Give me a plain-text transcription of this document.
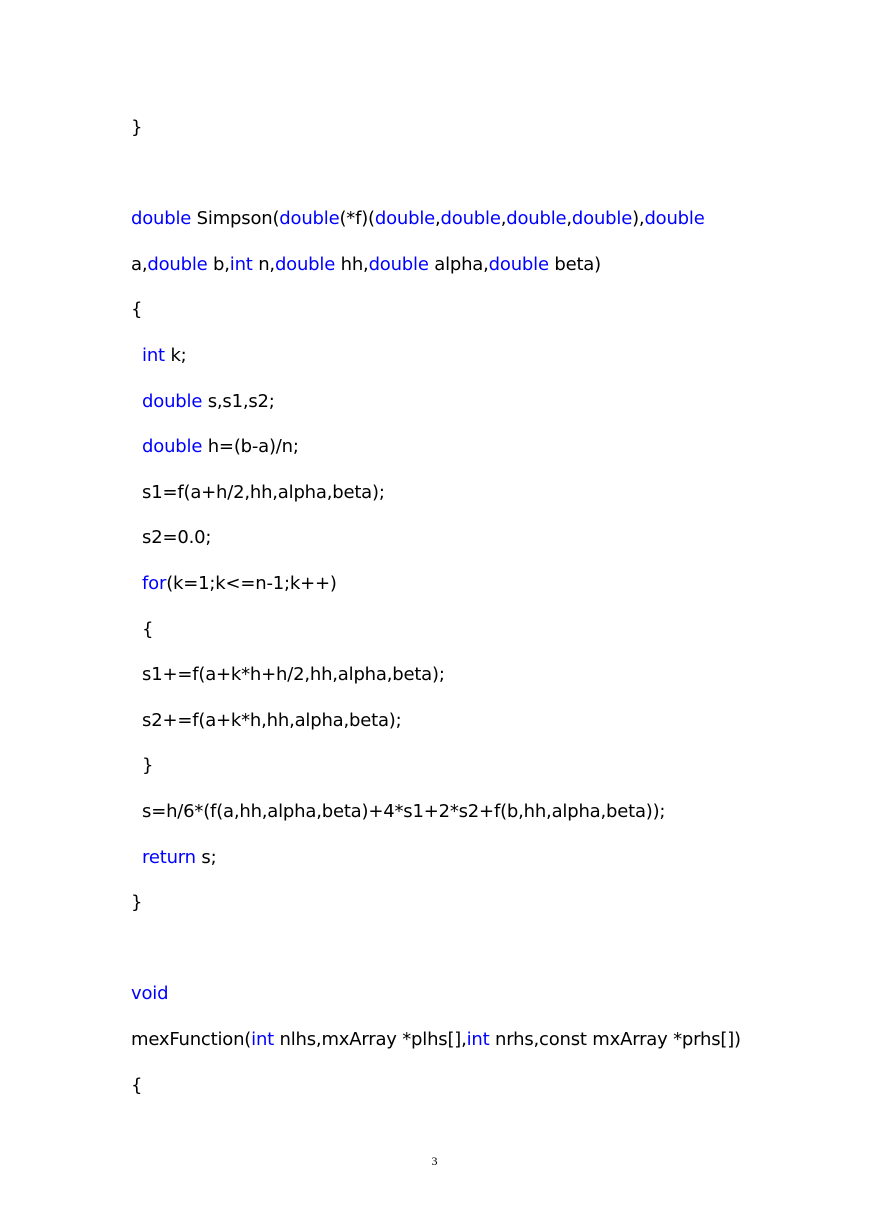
}
double Simpson(double(*f)(double,double,double,double),double
a,double b,int n,double hh,double alpha,double beta)
{
int k;
double s,s1,s2;
double h=(b-a)/n;
s1=f(a+h/2,hh,alpha,beta);
s2=0.0;
for(k=1;k<=n-1;k++)
{
s1+=f(a+k*h+h/2,hh,alpha,beta);
s2+=f(a+k*h,hh,alpha,beta);
}
s=h/6*(f(a,hh,alpha,beta)+4*s1+2*s2+f(b,hh,alpha,beta));
return s;
}
void
mexFunction(int nlhs,mxArray *plhs[],int nrhs,const mxArray *prhs[])
{
3
